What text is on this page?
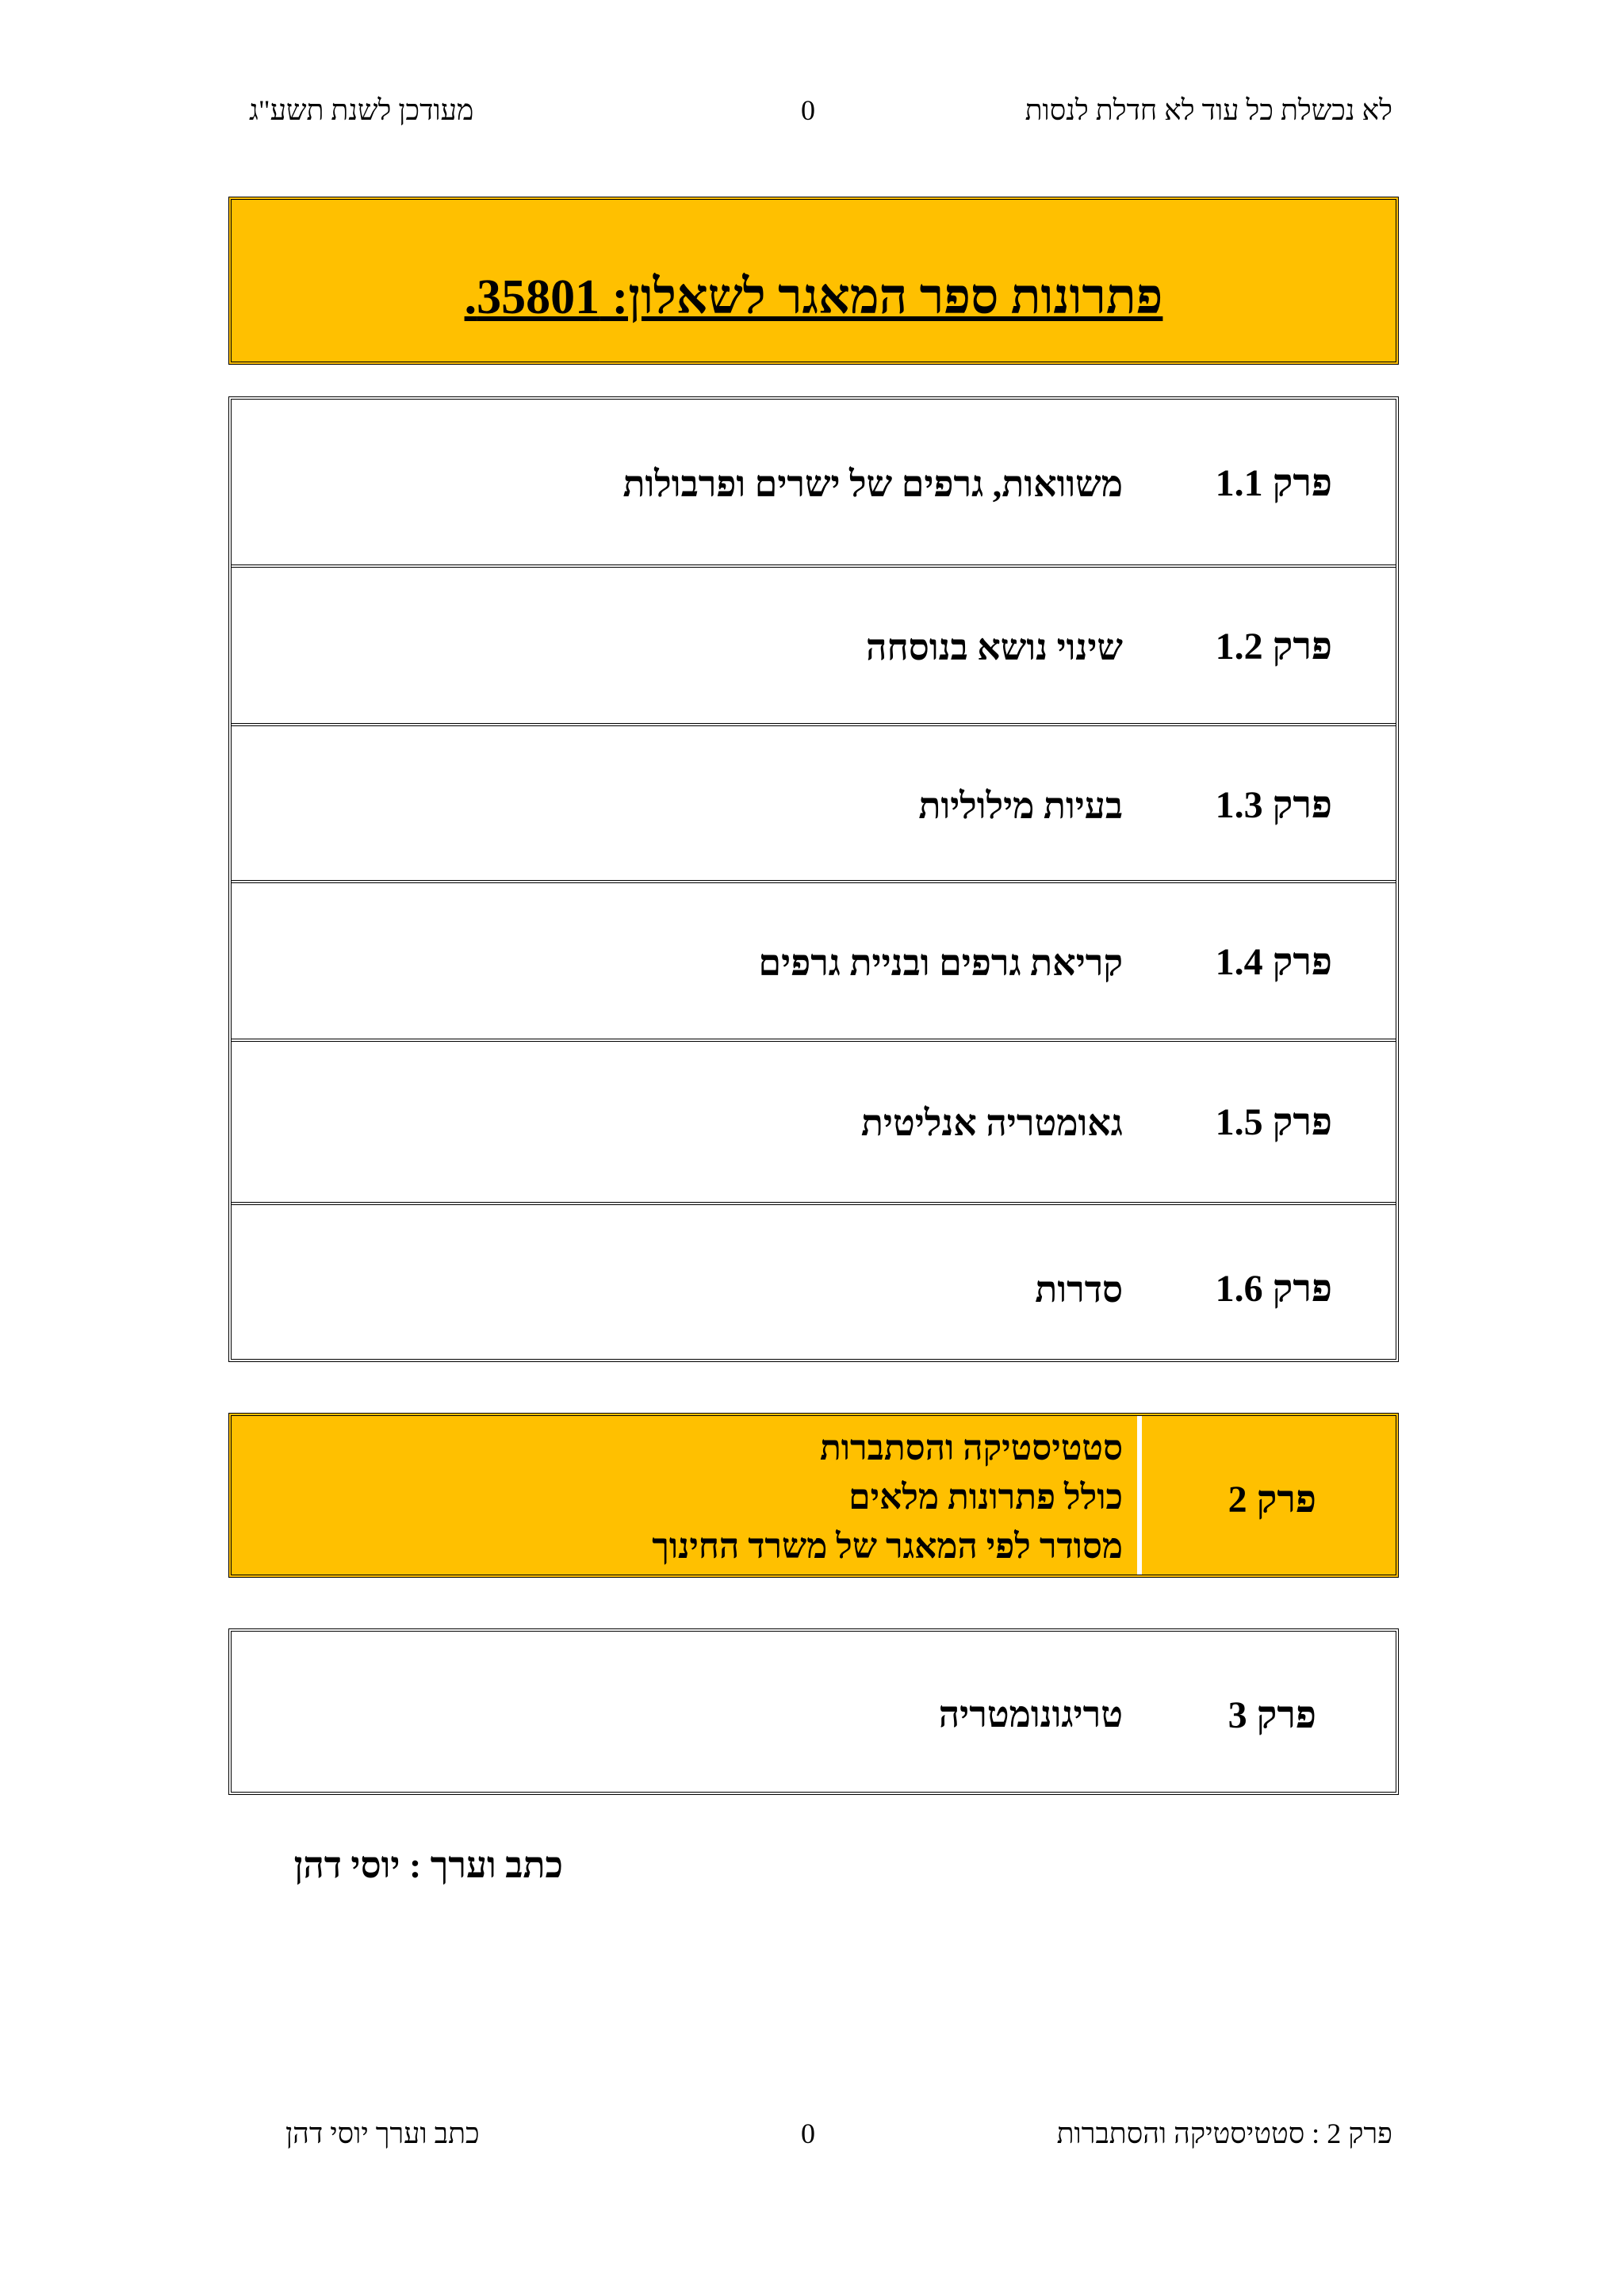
לא נכשלת כל עוד לא חדלת לנסות
0
מעודכן לשנת תשע"ג
פתרונות ספר המאגר לשאלון: 35801.
פרק 1.1
משוואות, גרפים של ישרים ופרבולות
פרק 1.2
שינוי נושא בנוסחה
פרק 1.3
בעיות מילוליות
פרק 1.4
קריאת גרפים ובניית גרפים
פרק 1.5
גאומטריה אנליטית
פרק 1.6
סדרות
פרק 2
סטטיסטיקה והסתברות
כולל פתרונות מלאים
מסודר לפי המאגר של משרד החינוך
פרק 3
טריגונומטריה
כתב וערך : יוסי דהן
פרק 2 : סטטיסטיקה והסתברות
0
כתב וערך יוסי דהן
